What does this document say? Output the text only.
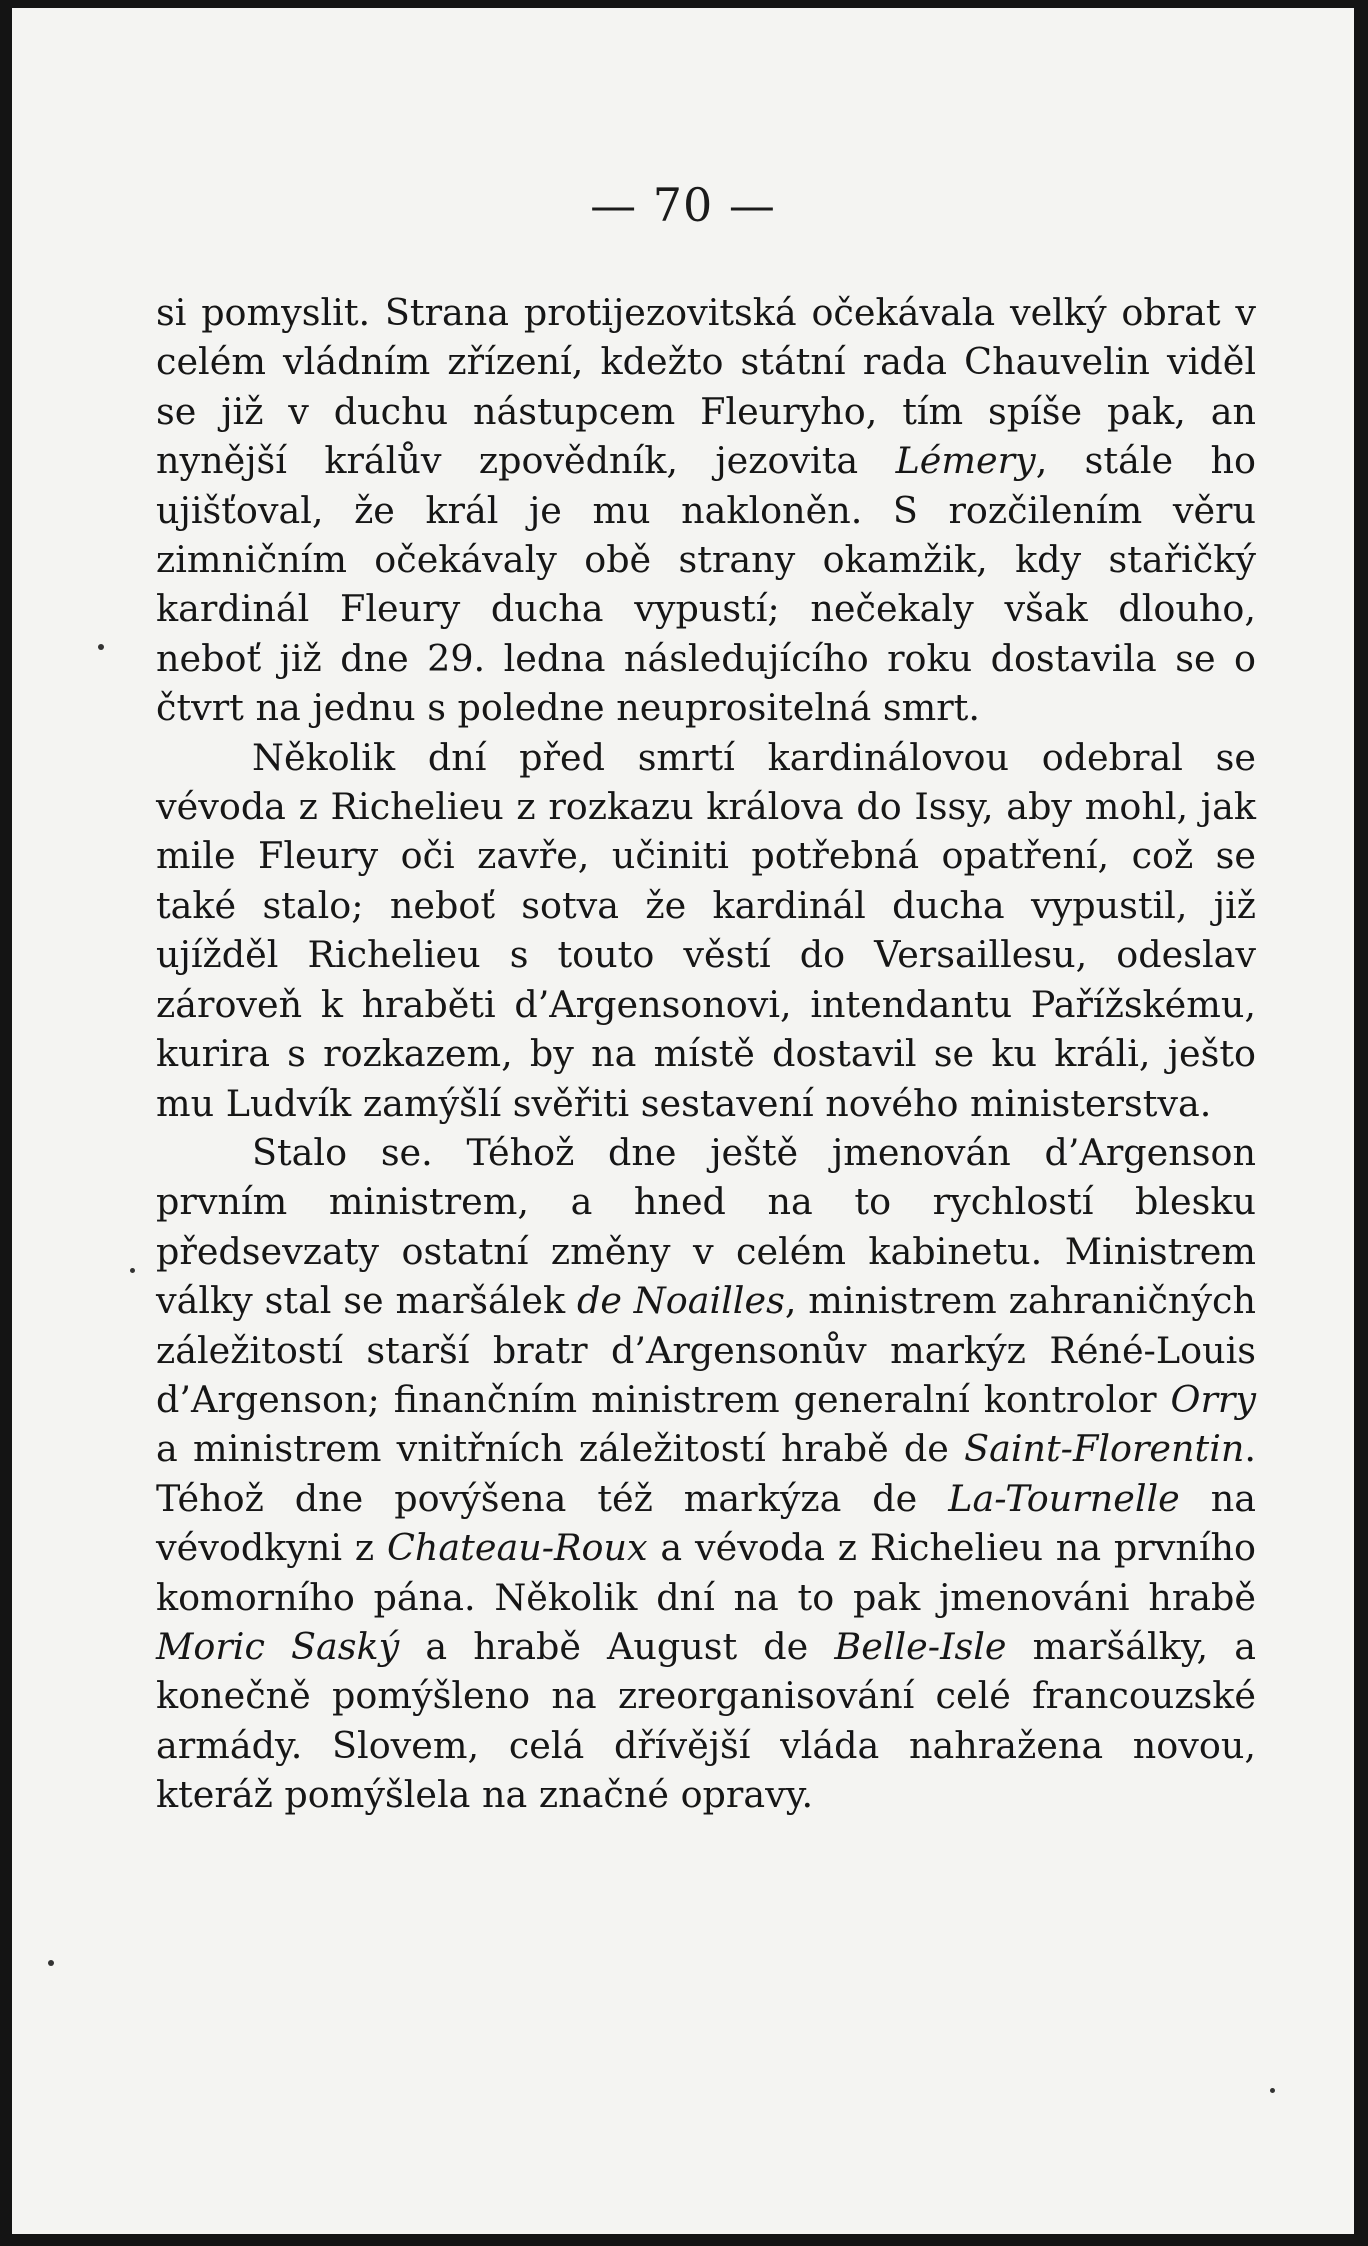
— 70 —

si pomyslit. Strana protijezovitská očekávala velký obrat v celém vládním zřízení, kdežto státní rada Chauvelin viděl se již v duchu nástupcem Fleuryho, tím spíše pak, an nynější králův zpovědník, jezovita Lémery, stále ho ujišťoval, že král je mu nakloněn. S rozčilením věru zimničním očekávaly obě strany okamžik, kdy stařičký kardinál Fleury ducha vypustí; nečekaly však dlouho, neboť již dne 29. ledna následujícího roku dostavila se o čtvrt na jednu s poledne neuprositelná smrt.

Několik dní před smrtí kardinálovou odebral se vévoda z Richelieu z rozkazu králova do Issy, aby mohl, jak mile Fleury oči zavře, učiniti potřebná opatření, což se také stalo; neboť sotva že kardinál ducha vypustil, již ujížděl Richelieu s touto věstí do Versaillesu, odeslav zároveň k hraběti d’Argensonovi, intendantu Pařížskému, kurira s rozkazem, by na místě dostavil se ku králi, ješto mu Ludvík zamýšlí svěřiti sestavení nového ministerstva.

Stalo se. Téhož dne ještě jmenován d’Argenson prvním ministrem, a hned na to rychlostí blesku předsevzaty ostatní změny v celém kabinetu. Ministrem války stal se maršálek de Noailles, ministrem zahraničných záležitostí starší bratr d’Argensonův markýz Réné-Louis d’Argenson; finančním ministrem generalní kontrolor Orry a ministrem vnitřních záležitostí hrabě de Saint-Florentin. Téhož dne povýšena též markýza de La-Tournelle na vévodkyni z Chateau-Roux a vévoda z Richelieu na prvního komorního pána. Několik dní na to pak jmenováni hrabě Moric Saský a hrabě August de Belle-Isle maršálky, a konečně pomýšleno na zreorganisování celé francouzské armády. Slovem, celá dřívější vláda nahražena novou, kteráž pomýšlela na značné opravy.
